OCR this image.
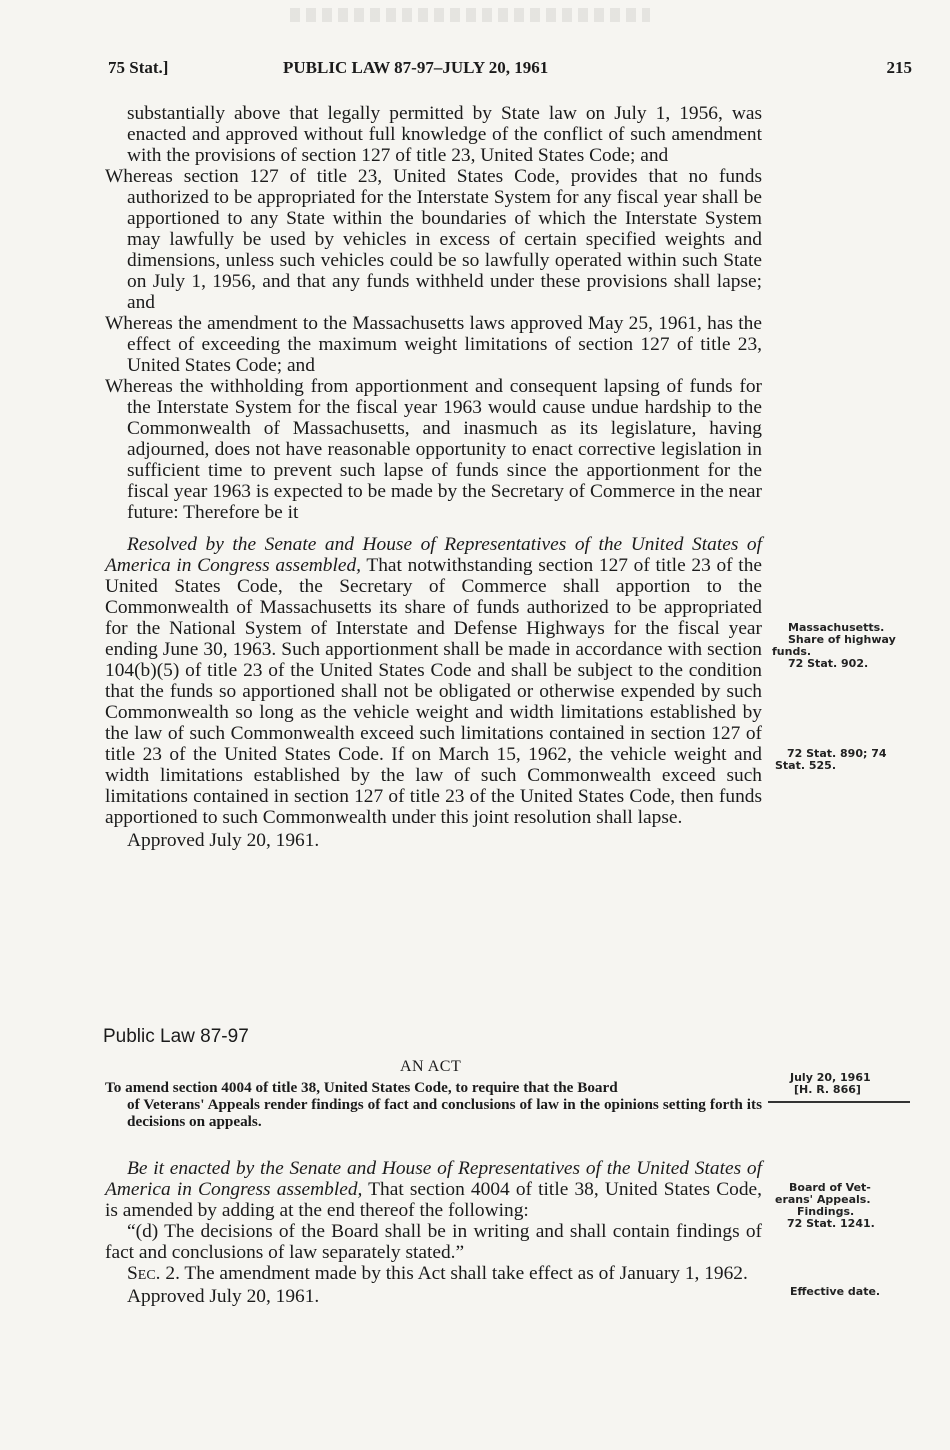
75 Stat.]	PUBLIC LAW 87-97–JULY 20, 1961	215

substantially above that legally permitted by State law on July 1, 1956, was enacted and approved without full knowledge of the conflict of such amendment with the provisions of section 127 of title 23, United States Code; and

Whereas section 127 of title 23, United States Code, provides that no funds authorized to be appropriated for the Interstate System for any fiscal year shall be apportioned to any State within the boundaries of which the Interstate System may lawfully be used by vehicles in excess of certain specified weights and dimensions, unless such vehicles could be so lawfully operated within such State on July 1, 1956, and that any funds withheld under these provisions shall lapse; and

Whereas the amendment to the Massachusetts laws approved May 25, 1961, has the effect of exceeding the maximum weight limitations of section 127 of title 23, United States Code; and

Whereas the withholding from apportionment and consequent lapsing of funds for the Interstate System for the fiscal year 1963 would cause undue hardship to the Commonwealth of Massachusetts, and inasmuch as its legislature, having adjourned, does not have reasonable opportunity to enact corrective legislation in sufficient time to prevent such lapse of funds since the apportionment for the fiscal year 1963 is expected to be made by the Secretary of Commerce in the near future: Therefore be it

Resolved by the Senate and House of Representatives of the United States of America in Congress assembled, That notwithstanding section 127 of title 23 of the United States Code, the Secretary of Commerce shall apportion to the Commonwealth of Massachusetts its share of funds authorized to be appropriated for the National System of Interstate and Defense Highways for the fiscal year ending June 30, 1963. Such apportionment shall be made in accordance with section 104(b)(5) of title 23 of the United States Code and shall be subject to the condition that the funds so apportioned shall not be obligated or otherwise expended by such Commonwealth so long as the vehicle weight and width limitations established by the law of such Commonwealth exceed such limitations contained in section 127 of title 23 of the United States Code. If on March 15, 1962, the vehicle weight and width limitations established by the law of such Commonwealth exceed such limitations contained in section 127 of title 23 of the United States Code, then funds apportioned to such Commonwealth under this joint resolution shall lapse.

Approved July 20, 1961.

Public Law 87-97
AN ACT
To amend section 4004 of title 38, United States Code, to require that the Board
of Veterans' Appeals render findings of fact and conclusions of law in the opinions setting forth its decisions on appeals.

Be it enacted by the Senate and House of Representatives of the United States of America in Congress assembled, That section 4004 of title 38, United States Code, is amended by adding at the end thereof the following:

“(d) The decisions of the Board shall be in writing and shall contain findings of fact and conclusions of law separately stated.”

Sec. 2. The amendment made by this Act shall take effect as of January 1, 1962.

Approved July 20, 1961.

Massachusetts.
Share of highway
funds.
72 Stat. 902.
72 Stat. 890; 74
Stat. 525.
July 20, 1961
[H. R. 866]
Board of Vet-
erans' Appeals.
Findings.
72 Stat. 1241.
Effective date.
